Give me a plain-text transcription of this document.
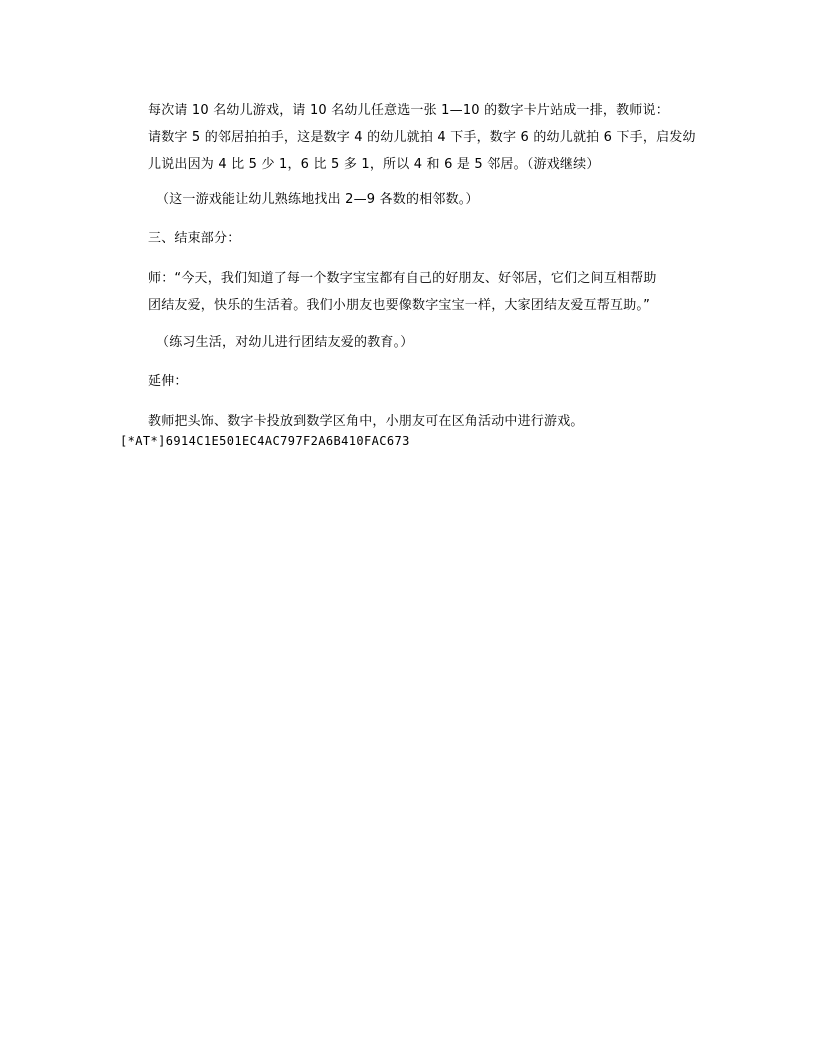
每次请 10 名幼儿游戏，请 10 名幼儿任意选一张 1—10 的数字卡片站成一排，教师说：
请数字 5 的邻居拍拍手，这是数字 4 的幼儿就拍 4 下手，数字 6 的幼儿就拍 6 下手，启发幼
儿说出因为 4 比 5 少 1，6 比 5 多 1，所以 4 和 6 是 5 邻居。（游戏继续）

（这一游戏能让幼儿熟练地找出 2—9 各数的相邻数。）

三、结束部分：

师：“今天，我们知道了每一个数字宝宝都有自己的好朋友、好邻居，它们之间互相帮助
团结友爱，快乐的生活着。我们小朋友也要像数字宝宝一样，大家团结友爱互帮互助。”

（练习生活，对幼儿进行团结友爱的教育。）

延伸：

教师把头饰、数字卡投放到数学区角中，小朋友可在区角活动中进行游戏。

[*AT*]6914C1E501EC4AC797F2A6B410FAC673
